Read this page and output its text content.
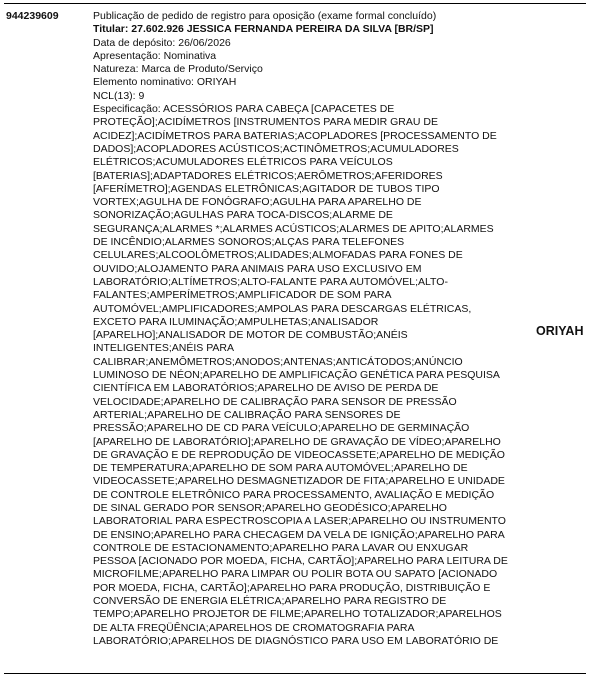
944239609	Publicação de pedido de registro para oposição (exame formal concluído)
Titular: 27.602.926 JESSICA FERNANDA PEREIRA DA SILVA [BR/SP]
Data de depósito: 26/06/2026
Apresentação: Nominativa
Natureza: Marca de Produto/Serviço
Elemento nominativo: ORIYAH
NCL(13): 9
Especificação: ACESSÓRIOS PARA CABEÇA [CAPACETES DE
PROTEÇÃO];ACIDÍMETROS [INSTRUMENTOS PARA MEDIR GRAU DE
ACIDEZ];ACIDÍMETROS PARA BATERIAS;ACOPLADORES [PROCESSAMENTO DE
DADOS];ACOPLADORES ACÚSTICOS;ACTINÔMETROS;ACUMULADORES
ELÉTRICOS;ACUMULADORES ELÉTRICOS PARA VEÍCULOS
[BATERIAS];ADAPTADORES ELÉTRICOS;AERÔMETROS;AFERIDORES
[AFERÍMETRO];AGENDAS ELETRÔNICAS;AGITADOR DE TUBOS TIPO
VORTEX;AGULHA DE FONÓGRAFO;AGULHA PARA APARELHO DE
SONORIZAÇÃO;AGULHAS PARA TOCA-DISCOS;ALARME DE
SEGURANÇA;ALARMES *;ALARMES ACÚSTICOS;ALARMES DE APITO;ALARMES
DE INCÊNDIO;ALARMES SONOROS;ALÇAS PARA TELEFONES
CELULARES;ALCOOLÔMETROS;ALIDADES;ALMOFADAS PARA FONES DE
OUVIDO;ALOJAMENTO PARA ANIMAIS PARA USO EXCLUSIVO EM
LABORATÓRIO;ALTÍMETROS;ALTO-FALANTE PARA AUTOMÓVEL;ALTO-
FALANTES;AMPERÍMETROS;AMPLIFICADOR DE SOM PARA
AUTOMÓVEL;AMPLIFICADORES;AMPOLAS PARA DESCARGAS ELÉTRICAS,
EXCETO PARA ILUMINAÇÃO;AMPULHETAS;ANALISADOR
[APARELHO];ANALISADOR DE MOTOR DE COMBUSTÃO;ANÉIS
INTELIGENTES;ANÉIS PARA
CALIBRAR;ANEMÔMETROS;ANODOS;ANTENAS;ANTICÁTODOS;ANÚNCIO
LUMINOSO DE NÉON;APARELHO DE AMPLIFICAÇÃO GENÉTICA PARA PESQUISA
CIENTÍFICA EM LABORATÓRIOS;APARELHO DE AVISO DE PERDA DE
VELOCIDADE;APARELHO DE CALIBRAÇÃO PARA SENSOR DE PRESSÃO
ARTERIAL;APARELHO DE CALIBRAÇÃO PARA SENSORES DE
PRESSÃO;APARELHO DE CD PARA VEÍCULO;APARELHO DE GERMINAÇÃO
[APARELHO DE LABORATÓRIO];APARELHO DE GRAVAÇÃO DE VÍDEO;APARELHO
DE GRAVAÇÃO E DE REPRODUÇÃO DE VIDEOCASSETE;APARELHO DE MEDIÇÃO
DE TEMPERATURA;APARELHO DE SOM PARA AUTOMÓVEL;APARELHO DE
VIDEOCASSETE;APARELHO DESMAGNETIZADOR DE FITA;APARELHO E UNIDADE
DE CONTROLE ELETRÔNICO PARA PROCESSAMENTO, AVALIAÇÃO E MEDIÇÃO
DE SINAL GERADO POR SENSOR;APARELHO GEODÉSICO;APARELHO
LABORATORIAL PARA ESPECTROSCOPIA A LASER;APARELHO OU INSTRUMENTO
DE ENSINO;APARELHO PARA CHECAGEM DA VELA DE IGNIÇÃO;APARELHO PARA
CONTROLE DE ESTACIONAMENTO;APARELHO PARA LAVAR OU ENXUGAR
PESSOA [ACIONADO POR MOEDA, FICHA, CARTÃO];APARELHO PARA LEITURA DE
MICROFILME;APARELHO PARA LIMPAR OU POLIR BOTA OU SAPATO [ACIONADO
POR MOEDA, FICHA, CARTÃO];APARELHO PARA PRODUÇÃO, DISTRIBUIÇÃO E
CONVERSÃO DE ENERGIA ELÉTRICA;APARELHO PARA REGISTRO DE
TEMPO;APARELHO PROJETOR DE FILME;APARELHO TOTALIZADOR;APARELHOS
DE ALTA FREQÜÊNCIA;APARELHOS DE CROMATOGRAFIA PARA
LABORATÓRIO;APARELHOS DE DIAGNÓSTICO PARA USO EM LABORATÓRIO DE
ORIYAH
